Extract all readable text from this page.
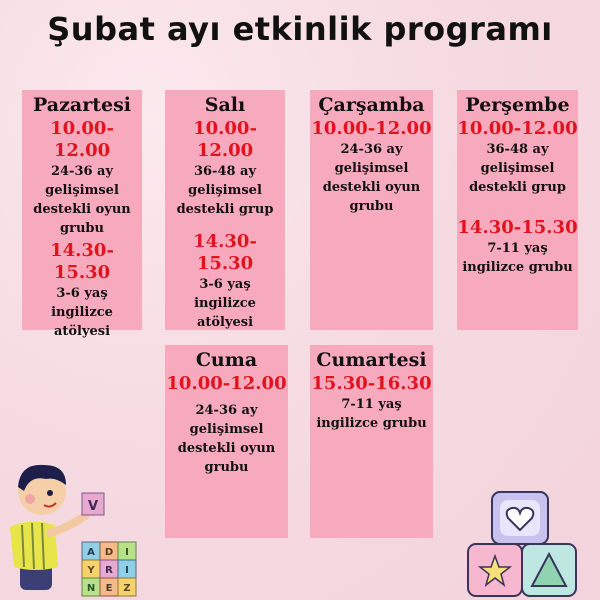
Şubat ayı etkinlik programı
Pazartesi
10.00-12.00
24-36 ay
gelişimsel
destekli oyun
grubu
14.30-15.30
3-6 yaş
ingilizce
atölyesi
Salı
10.00-12.00
36-48 ay
gelişimsel
destekli grup
14.30-15.30
3-6 yaş
ingilizce
atölyesi
Çarşamba
10.00-12.00
24-36 ay
gelişimsel
destekli oyun
grubu
Perşembe
10.00-12.00
36-48 ay
gelişimsel
destekli grup
14.30-15.30
7-11 yaş
ingilizce grubu
Cuma
10.00-12.00
24-36 ay
gelişimsel
destekli oyun
grubu
Cumartesi
15.30-16.30
7-11 yaş
ingilizce grubu
V
A D I
Y R I
N E Z
